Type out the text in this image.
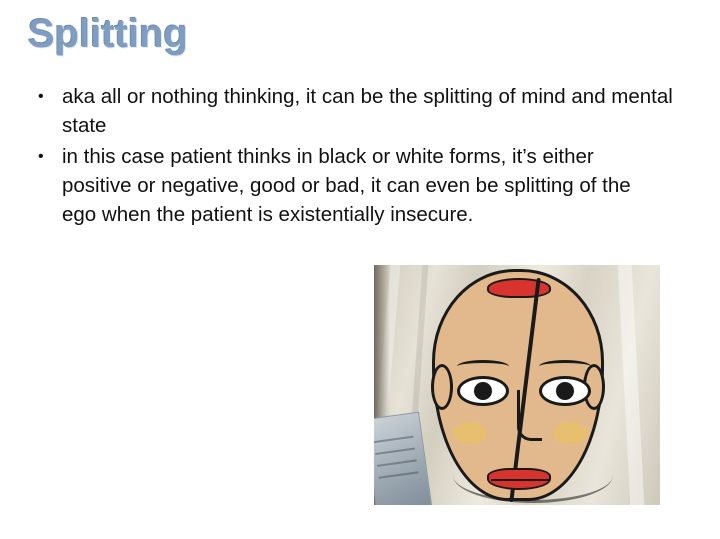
Splitting
• aka all or nothing thinking, it can be the splitting of mind and mental state
• in this case patient thinks in black or white forms, it’s either positive or negative, good or bad, it can even be splitting of the ego when the patient is existentially insecure.
